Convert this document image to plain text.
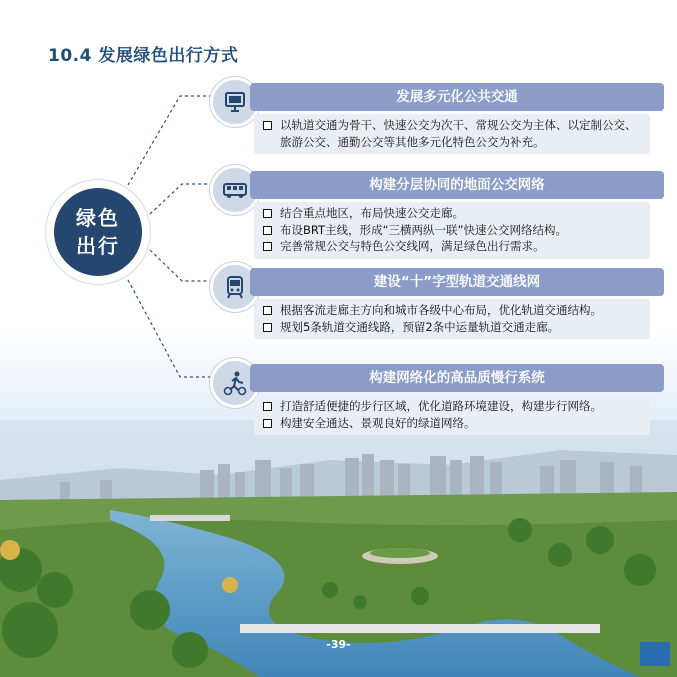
10.4 发展绿色出行方式
绿色
出行
发展多元化公共交通
以轨道交通为骨干、快速公交为次干、常规公交为主体、以定制公交、旅游公交、通勤公交等其他多元化特色公交为补充。
构建分层协同的地面公交网络
结合重点地区，布局快速公交走廊。
布设BRT主线，形成“三横两纵一联”快速公交网络结构。
完善常规公交与特色公交线网，满足绿色出行需求。
建设“十”字型轨道交通线网
根据客流走廊主方向和城市各级中心布局，优化轨道交通结构。
规划5条轨道交通线路，预留2条中运量轨道交通走廊。
构建网络化的高品质慢行系统
打造舒适便捷的步行区域，优化道路环境建设，构建步行网络。
构建安全通达、景观良好的绿道网络。
-39-
